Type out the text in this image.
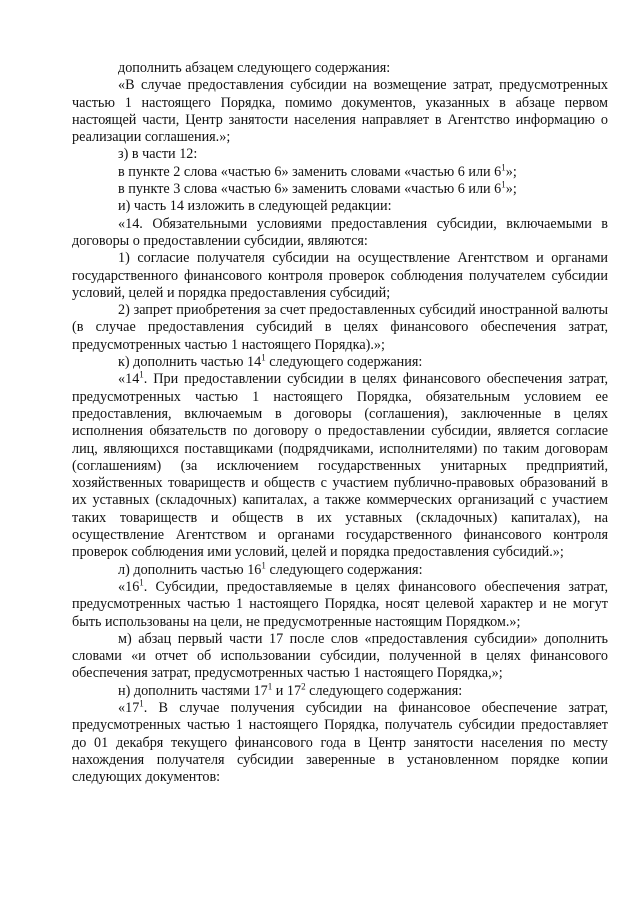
дополнить абзацем следующего содержания:

«В случае предоставления субсидии на возмещение затрат, предусмотренных частью 1 настоящего Порядка, помимо документов, указанных в абзаце первом настоящей части, Центр занятости населения направляет в Агентство информацию о реализации соглашения.»;

з) в части 12:

в пункте 2 слова «частью 6» заменить словами «частью 6 или $6^1$»;

в пункте 3 слова «частью 6» заменить словами «частью 6 или $6^1$»;

и) часть 14 изложить в следующей редакции:

«14. Обязательными условиями предоставления субсидии, включаемыми в договоры о предоставлении субсидии, являются:

1) согласие получателя субсидии на осуществление Агентством и органами государственного финансового контроля проверок соблюдения получателем субсидии условий, целей и порядка предоставления субсидий;

2) запрет приобретения за счет предоставленных субсидий иностранной валюты (в случае предоставления субсидий в целях финансового обеспечения затрат, предусмотренных частью 1 настоящего Порядка).»;

к) дополнить частью $14^1$ следующего содержания:

«$14^1$. При предоставлении субсидии в целях финансового обеспечения затрат, предусмотренных частью 1 настоящего Порядка, обязательным условием ее предоставления, включаемым в договоры (соглашения), заключенные в целях исполнения обязательств по договору о предоставлении субсидии, является согласие лиц, являющихся поставщиками (подрядчиками, исполнителями) по таким договорам (соглашениям) (за исключением государственных унитарных предприятий, хозяйственных товариществ и обществ с участием публично-правовых образований в их уставных (складочных) капиталах, а также коммерческих организаций с участием таких товариществ и обществ в их уставных (складочных) капиталах), на осуществление Агентством и органами государственного финансового контроля проверок соблюдения ими условий, целей и порядка предоставления субсидий.»;

л) дополнить частью $16^1$ следующего содержания:

«$16^1$. Субсидии, предоставляемые в целях финансового обеспечения затрат, предусмотренных частью 1 настоящего Порядка, носят целевой характер и не могут быть использованы на цели, не предусмотренные настоящим Порядком.»;

м) абзац первый части 17 после слов «предоставления субсидии» дополнить словами «и отчет об использовании субсидии, полученной в целях финансового обеспечения затрат, предусмотренных частью 1 настоящего Порядка,»;

н) дополнить частями $17^1$ и $17^2$ следующего содержания:

«$17^1$. В случае получения субсидии на финансовое обеспечение затрат, предусмотренных частью 1 настоящего Порядка, получатель субсидии предоставляет до 01 декабря текущего финансового года в Центр занятости населения по месту нахождения получателя субсидии заверенные в установленном порядке копии следующих документов:
